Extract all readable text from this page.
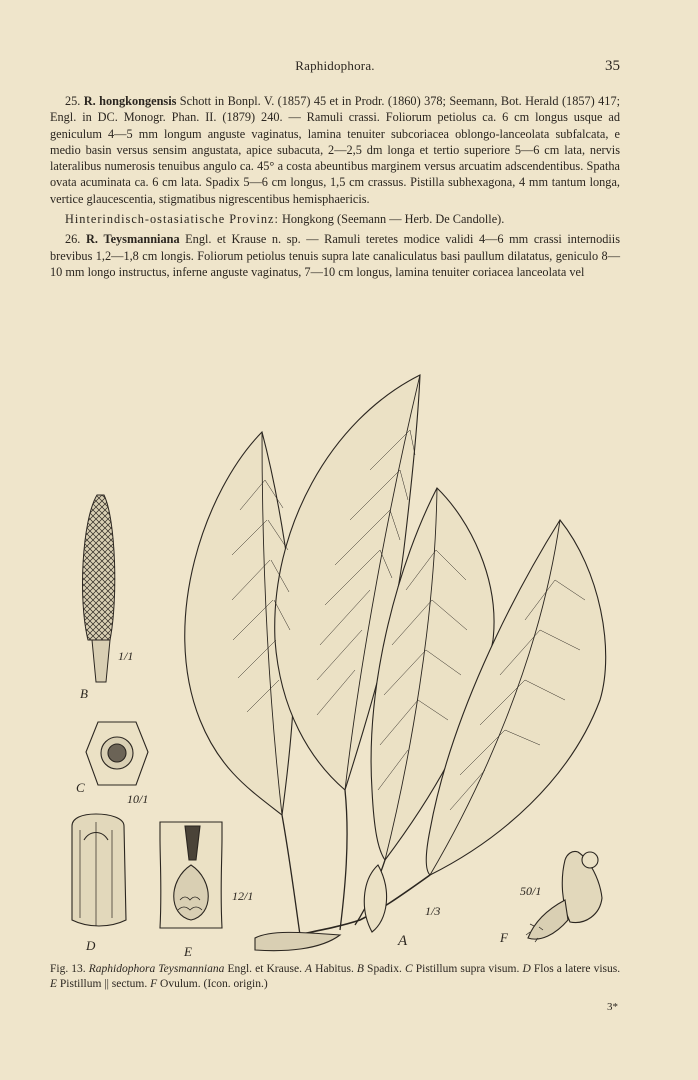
Raphidophora.	35

25. R. hongkongensis Schott in Bonpl. V. (1857) 45 et in Prodr. (1860) 378; Seemann, Bot. Herald (1857) 417; Engl. in DC. Monogr. Phan. II. (1879) 240. — Ramuli crassi. Foliorum petiolus ca. 6 cm longus usque ad geniculum 4—5 mm longum anguste vaginatus, lamina tenuiter subcoriacea oblongo-lanceolata subfalcata, e medio basin versus sensim angustata, apice subacuta, 2—2,5 dm longa et tertio superiore 5—6 cm lata, nervis lateralibus numerosis tenuibus angulo ca. 45° a costa abeuntibus marginem versus arcuatim adscendentibus. Spatha ovata acuminata ca. 6 cm lata. Spadix 5—6 cm longus, 1,5 cm crassus. Pistilla subhexagona, 4 mm tantum longa, vertice glaucescentia, stigmatibus nigrescentibus hemisphaericis.

Hinterindisch-ostasiatische Provinz: Hongkong (Seemann — Herb. De Candolle).

26. R. Teysmanniana Engl. et Krause n. sp. — Ramuli teretes modice validi 4—6 mm crassi internodiis brevibus 1,2—1,8 cm longis. Foliorum petiolus tenuis supra late canaliculatus basi paullum dilatatus, geniculo 8—10 mm longo instructus, inferne anguste vaginatus, 7—10 cm longus, lamina tenuiter coriacea lanceolata vel

B
1/1
C
10/1
D	E
12/1
A
1/3
F
50/1
Fig. 13. Raphidophora Teysmanniana Engl. et Krause. A Habitus. B Spadix. C Pistillum supra visum. D Flos a latere visus. E Pistillum || sectum. F Ovulum. (Icon. origin.)
3*
